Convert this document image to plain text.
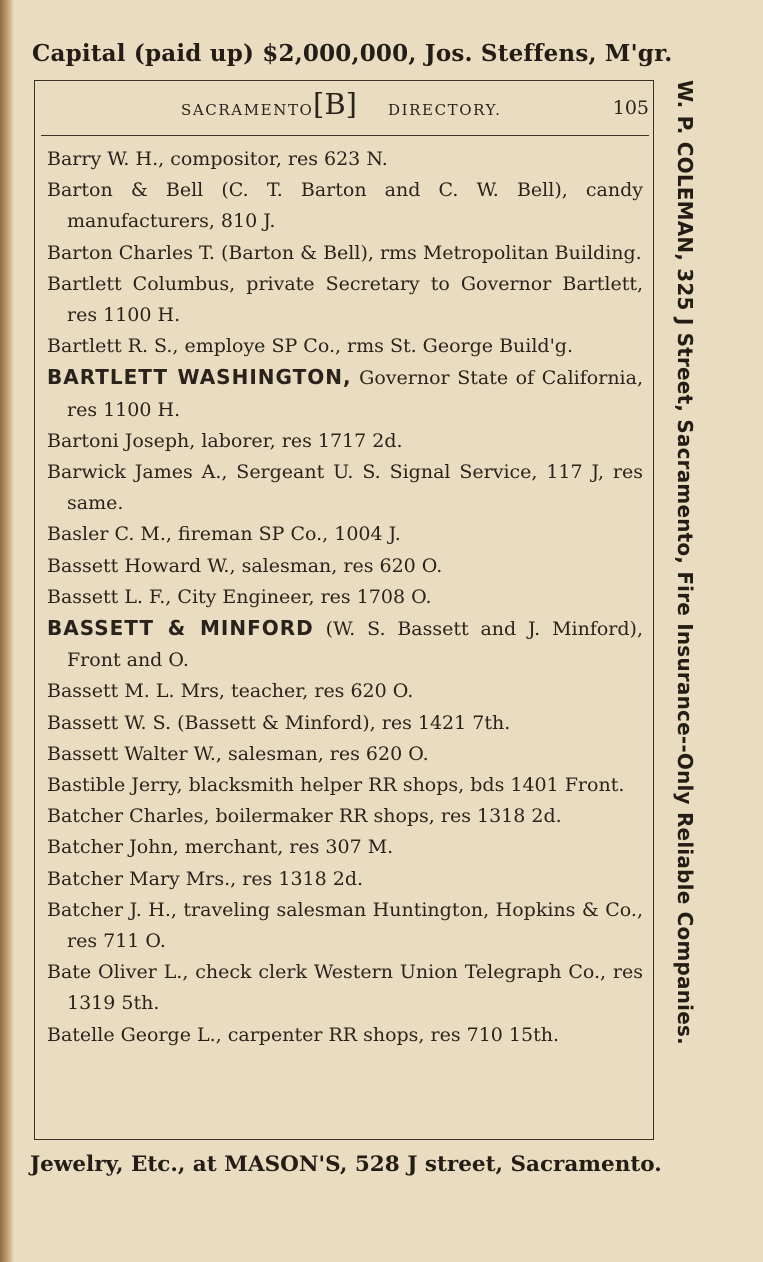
Capital (paid up) $2,000,000, Jos. Steffens, M'gr.
SACRAMENTO [B] DIRECTORY.	105
Barry W. H., compositor, res 623 N.
Barton & Bell (C. T. Barton and C. W. Bell), candy manufacturers, 810 J.
Barton Charles T. (Barton & Bell), rms Metropolitan Building.
Bartlett Columbus, private Secretary to Governor Bartlett, res 1100 H.
Bartlett R. S., employe SP Co., rms St. George Build'g.
BARTLETT WASHINGTON, Governor State of California, res 1100 H.
Bartoni Joseph, laborer, res 1717 2d.
Barwick James A., Sergeant U. S. Signal Service, 117 J, res same.
Basler C. M., fireman SP Co., 1004 J.
Bassett Howard W., salesman, res 620 O.
Bassett L. F., City Engineer, res 1708 O.
BASSETT & MINFORD (W. S. Bassett and J. Minford), Front and O.
Bassett M. L. Mrs, teacher, res 620 O.
Bassett W. S. (Bassett & Minford), res 1421 7th.
Bassett Walter W., salesman, res 620 O.
Bastible Jerry, blacksmith helper RR shops, bds 1401 Front.
Batcher Charles, boilermaker RR shops, res 1318 2d.
Batcher John, merchant, res 307 M.
Batcher Mary Mrs., res 1318 2d.
Batcher J. H., traveling salesman Huntington, Hopkins & Co., res 711 O.
Bate Oliver L., check clerk Western Union Telegraph Co., res 1319 5th.
Batelle George L., carpenter RR shops, res 710 15th.	W. P. COLEMAN, 325 J Street, Sacramento, Fire Insurance--Only Reliable Companies.
Jewelry, Etc., at MASON'S, 528 J street, Sacramento.
